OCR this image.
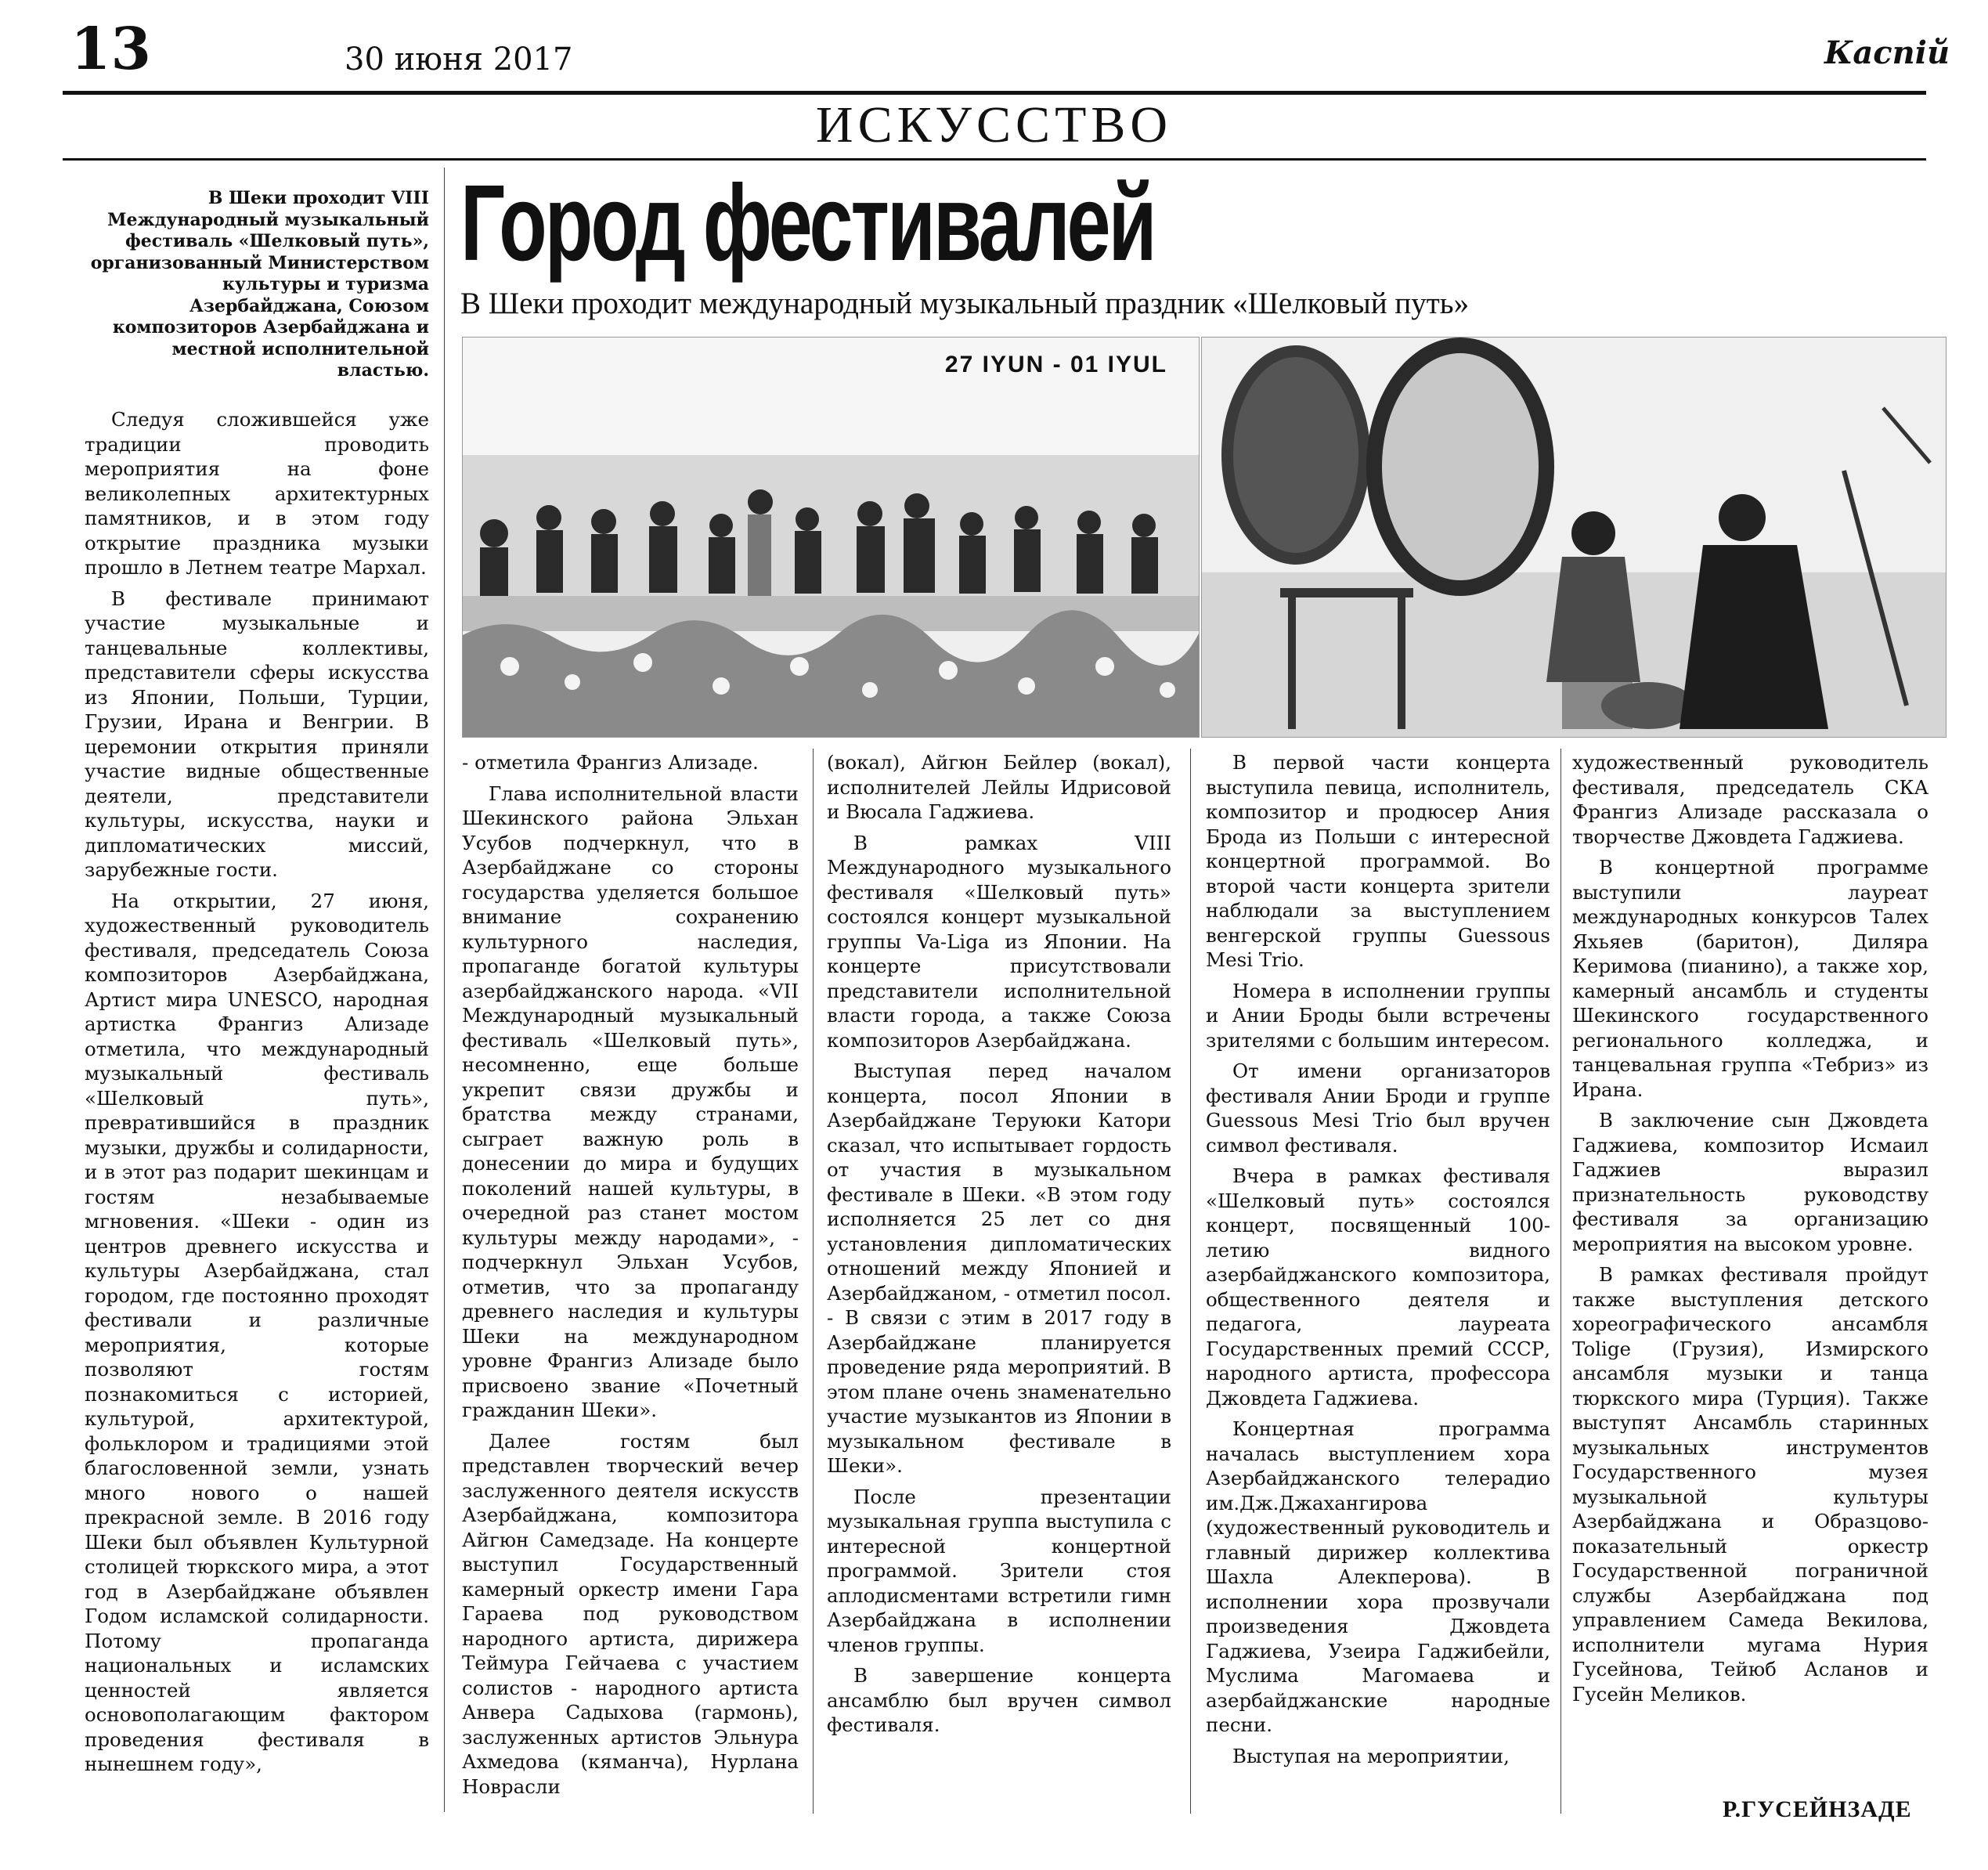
13	30 июня 2017	Каспiй
ИСКУССТВО
В Шеки проходит VIII Международный музыкальный фестиваль «Шелковый путь», организованный Министерством культуры и туризма Азербайджана, Союзом композиторов Азербайджана и местной исполнительной властью.
Город фестивалей
В Шеки проходит международный музыкальный праздник «Шелковый путь»
27 IYUN - 01 IYUL

Следуя сложившейся уже традиции проводить мероприятия на фоне великолепных архитектурных памятников, и в этом году открытие праздника музыки прошло в Летнем театре Мархал.

В фестивале принимают участие музыкальные и танцевальные коллективы, представители сферы искусства из Японии, Польши, Турции, Грузии, Ирана и Венгрии. В церемонии открытия приняли участие видные общественные деятели, представители культуры, искусства, науки и дипломатических миссий, зарубежные гости.

На открытии, 27 июня, художественный руководитель фестиваля, председатель Союза композиторов Азербайджана, Артист мира UNESCO, народная артистка Франгиз Ализаде отметила, что международный музыкальный фестиваль «Шелковый путь», превратившийся в праздник музыки, дружбы и солидарности, и в этот раз подарит шекинцам и гостям незабываемые мгновения. «Шеки - один из центров древнего искусства и культуры Азербайджана, стал городом, где постоянно проходят фестивали и различные мероприятия, которые позволяют гостям познакомиться с историей, культурой, архитектурой, фольклором и традициями этой благословенной земли, узнать много нового о нашей прекрасной земле. В 2016 году Шеки был объявлен Культурной столицей тюркского мира, а этот год в Азербайджане объявлен Годом исламской солидарности. Потому пропаганда национальных и исламских ценностей является основополагающим фактором проведения фестиваля в нынешнем году»,

- отметила Франгиз Ализаде.

Глава исполнительной власти Шекинского района Эльхан Усубов подчеркнул, что в Азербайджане со стороны государства уделяется большое внимание сохранению культурного наследия, пропаганде богатой культуры азербайджанского народа. «VII Международный музыкальный фестиваль «Шелковый путь», несомненно, еще больше укрепит связи дружбы и братства между странами, сыграет важную роль в донесении до мира и будущих поколений нашей культуры, в очередной раз станет мостом культуры между народами», - подчеркнул Эльхан Усубов, отметив, что за пропаганду древнего наследия и культуры Шеки на международном уровне Франгиз Ализаде было присвоено звание «Почетный гражданин Шеки».

Далее гостям был представлен творческий вечер заслуженного деятеля искусств Азербайджана, композитора Айгюн Самедзаде. На концерте выступил Государственный камерный оркестр имени Гара Гараева под руководством народного артиста, дирижера Теймура Гейчаева с участием солистов - народного артиста Анвера Садыхова (гармонь), заслуженных артистов Эльнура Ахмедова (кяманча), Нурлана Новрасли

(вокал), Айгюн Бейлер (вокал), исполнителей Лейлы Идрисовой и Вюсала Гаджиева.

В рамках VIII Международного музыкального фестиваля «Шелковый путь» состоялся концерт музыкальной группы Va-Liga из Японии. На концерте присутствовали представители исполнительной власти города, а также Союза композиторов Азербайджана.

Выступая перед началом концерта, посол Японии в Азербайджане Теруюки Катори сказал, что испытывает гордость от участия в музыкальном фестивале в Шеки. «В этом году исполняется 25 лет со дня установления дипломатических отношений между Японией и Азербайджаном, - отметил посол. - В связи с этим в 2017 году в Азербайджане планируется проведение ряда мероприятий. В этом плане очень знаменательно участие музыкантов из Японии в музыкальном фестивале в Шеки».

После презентации музыкальная группа выступила с интересной концертной программой. Зрители стоя аплодисментами встретили гимн Азербайджана в исполнении членов группы.

В завершение концерта ансамблю был вручен символ фестиваля.

В первой части концерта выступила певица, исполнитель, композитор и продюсер Ания Брода из Польши с интересной концертной программой. Во второй части концерта зрители наблюдали за выступлением венгерской группы Guessous Mesi Trio.

Номера в исполнении группы и Ании Броды были встречены зрителями с большим интересом.

От имени организаторов фестиваля Ании Броди и группе Guessous Mesi Trio был вручен символ фестиваля.

Вчера в рамках фестиваля «Шелковый путь» состоялся концерт, посвященный 100-летию видного азербайджанского композитора, общественного деятеля и педагога, лауреата Государственных премий СССР, народного артиста, профессора Джовдета Гаджиева.

Концертная программа началась выступлением хора Азербайджанского телерадио им.Дж.Джахангирова (художественный руководитель и главный дирижер коллектива Шахла Алекперова). В исполнении хора прозвучали произведения Джовдета Гаджиева, Узеира Гаджибейли, Муслима Магомаева и азербайджанские народные песни.

Выступая на мероприятии,

художественный руководитель фестиваля, председатель СКА Франгиз Ализаде рассказала о творчестве Джовдета Гаджиева.

В концертной программе выступили лауреат международных конкурсов Талех Яхьяев (баритон), Диляра Керимова (пианино), а также хор, камерный ансамбль и студенты Шекинского государственного регионального колледжа, и танцевальная группа «Тебриз» из Ирана.

В заключение сын Джовдета Гаджиева, композитор Исмаил Гаджиев выразил признательность руководству фестиваля за организацию мероприятия на высоком уровне.

В рамках фестиваля пройдут также выступления детского хореографического ансамбля Tolige (Грузия), Измирского ансамбля музыки и танца тюркского мира (Турция). Также выступят Ансамбль старинных музыкальных инструментов Государственного музея музыкальной культуры Азербайджана и Образцово-показательный оркестр Государственной пограничной службы Азербайджана под управлением Самеда Векилова, исполнители мугама Нурия Гусейнова, Тейюб Асланов и Гусейн Меликов.

Р.ГУСЕЙНЗАДЕ
